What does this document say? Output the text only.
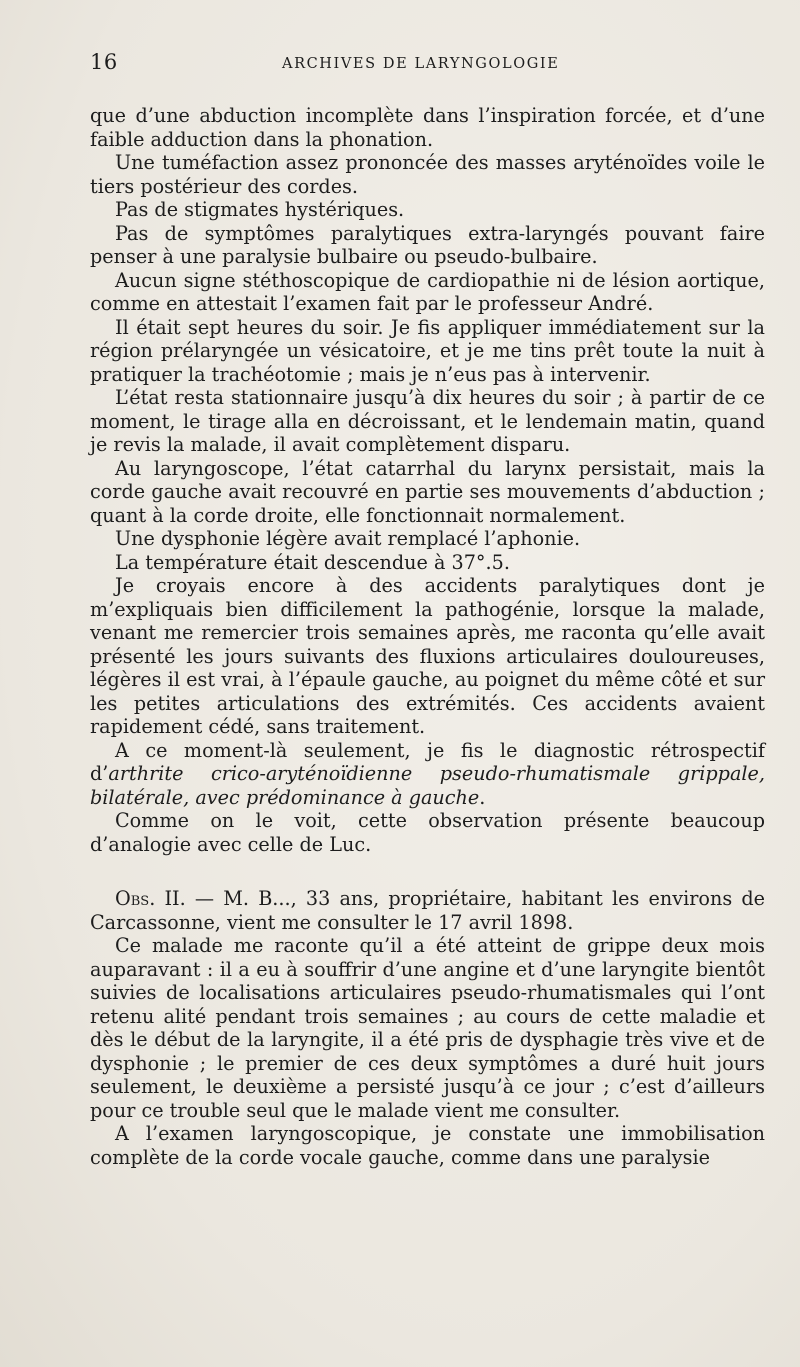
16	ARCHIVES DE LARYNGOLOGIE

que d’une abduction incomplète dans l’inspiration forcée, et d’une faible adduction dans la phonation.

Une tuméfaction assez prononcée des masses aryténoïdes voile le tiers postérieur des cordes.

Pas de stigmates hystériques.

Pas de symptômes paralytiques extra-laryngés pouvant faire penser à une paralysie bulbaire ou pseudo-bulbaire.

Aucun signe stéthoscopique de cardiopathie ni de lésion aortique, comme en attestait l’examen fait par le professeur André.

Il était sept heures du soir. Je fis appliquer immédiatement sur la région prélaryngée un vésicatoire, et je me tins prêt toute la nuit à pratiquer la trachéotomie ; mais je n’eus pas à intervenir.

L’état resta stationnaire jusqu’à dix heures du soir ; à partir de ce moment, le tirage alla en décroissant, et le lendemain matin, quand je revis la malade, il avait complètement disparu.

Au laryngoscope, l’état catarrhal du larynx persistait, mais la corde gauche avait recouvré en partie ses mouvements d’abduction ; quant à la corde droite, elle fonctionnait normalement.

Une dysphonie légère avait remplacé l’aphonie.

La température était descendue à 37°.5.

Je croyais encore à des accidents paralytiques dont je m’expliquais bien difficilement la pathogénie, lorsque la malade, venant me remercier trois semaines après, me raconta qu’elle avait présenté les jours suivants des fluxions articulaires douloureuses, légères il est vrai, à l’épaule gauche, au poignet du même côté et sur les petites articulations des extrémités. Ces accidents avaient rapidement cédé, sans traitement.

A ce moment-là seulement, je fis le diagnostic rétrospectif d’arthrite crico-aryténoïdienne pseudo-rhumatismale grippale, bilatérale, avec prédominance à gauche.

Comme on le voit, cette observation présente beaucoup d’analogie avec celle de Luc.

Obs. II. — M. B..., 33 ans, propriétaire, habitant les environs de Carcassonne, vient me consulter le 17 avril 1898.

Ce malade me raconte qu’il a été atteint de grippe deux mois auparavant : il a eu à souffrir d’une angine et d’une laryngite bientôt suivies de localisations articulaires pseudo-rhumatismales qui l’ont retenu alité pendant trois semaines ; au cours de cette maladie et dès le début de la laryngite, il a été pris de dysphagie très vive et de dysphonie ; le premier de ces deux symptômes a duré huit jours seulement, le deuxième a persisté jusqu’à ce jour ; c’est d’ailleurs pour ce trouble seul que le malade vient me consulter.

A l’examen laryngoscopique, je constate une immobilisation complète de la corde vocale gauche, comme dans une paralysie
